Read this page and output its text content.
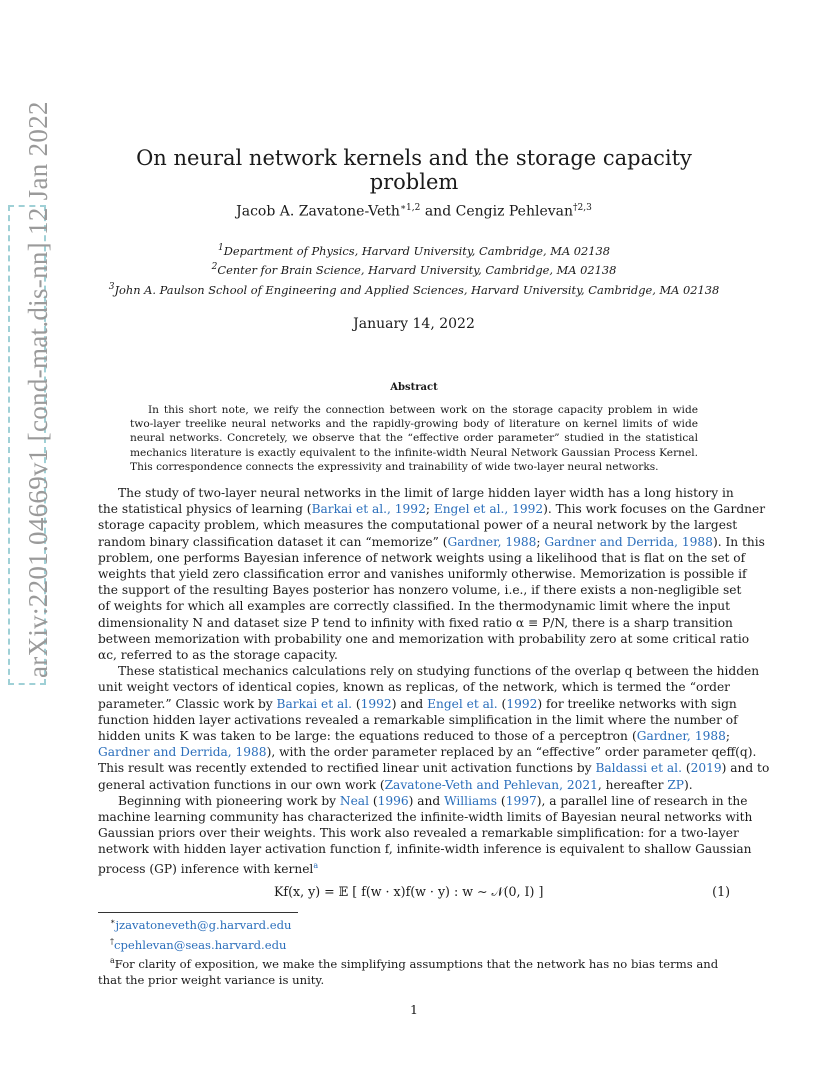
arXiv:2201.04669v1 [cond-mat.dis-nn] 12 Jan 2022	On neural network kernels and the storage capacity problem
Jacob A. Zavatone-Veth$^{∗1,2}$ and Cengiz Pehlevan$^{\dagger 2,3}$
$^1$Department of Physics, Harvard University, Cambridge, MA 02138
$^2$Center for Brain Science, Harvard University, Cambridge, MA 02138
$^3$John A. Paulson School of Engineering and Applied Sciences, Harvard University, Cambridge, MA 02138
January 14, 2022
Abstract
In this short note, we reify the connection between work on the storage capacity problem in wide
two-layer treelike neural networks and the rapidly-growing body of literature on kernel limits of wide
neural networks. Concretely, we observe that the “effective order parameter” studied in the statistical
mechanics literature is exactly equivalent to the infinite-width Neural Network Gaussian Process Kernel.
This correspondence connects the expressivity and trainability of wide two-layer neural networks.
The study of two-layer neural networks in the limit of large hidden layer width has a long history in
the statistical physics of learning (Barkai et al., 1992; Engel et al., 1992). This work focuses on the Gardner
storage capacity problem, which measures the computational power of a neural network by the largest
random binary classification dataset it can “memorize” (Gardner, 1988; Gardner and Derrida, 1988). In this
problem, one performs Bayesian inference of network weights using a likelihood that is flat on the set of
weights that yield zero classification error and vanishes uniformly otherwise. Memorization is possible if
the support of the resulting Bayes posterior has nonzero volume, i.e., if there exists a non-negligible set
of weights for which all examples are correctly classified. In the thermodynamic limit where the input
dimensionality N and dataset size P tend to infinity with fixed ratio α ≡ P/N, there is a sharp transition
between memorization with probability one and memorization with probability zero at some critical ratio
αc, referred to as the storage capacity.
These statistical mechanics calculations rely on studying functions of the overlap q between the hidden
unit weight vectors of identical copies, known as replicas, of the network, which is termed the “order
parameter.” Classic work by Barkai et al. (1992) and Engel et al. (1992) for treelike networks with sign
function hidden layer activations revealed a remarkable simplification in the limit where the number of
hidden units K was taken to be large: the equations reduced to those of a perceptron (Gardner, 1988;
Gardner and Derrida, 1988), with the order parameter replaced by an “effective” order parameter qeff(q).
This result was recently extended to rectified linear unit activation functions by Baldassi et al. (2019) and to
general activation functions in our own work (Zavatone-Veth and Pehlevan, 2021, hereafter ZP).
Beginning with pioneering work by Neal (1996) and Williams (1997), a parallel line of research in the
machine learning community has characterized the infinite-width limits of Bayesian neural networks with
Gaussian priors over their weights. This work also revealed a remarkable simplification: for a two-layer
network with hidden layer activation function f, infinite-width inference is equivalent to shallow Gaussian
process (GP) inference with kernel$^a$
Kf(x, y) = 𝔼 [ f(w · x)f(w · y) : w ∼ 𝒩(0, I) ]	(1)
∗jzavatoneveth@g.harvard.edu
†cpehlevan@seas.harvard.edu
$^a$For clarity of exposition, we make the simplifying assumptions that the network has no bias terms and
that the prior weight variance is unity.
1
